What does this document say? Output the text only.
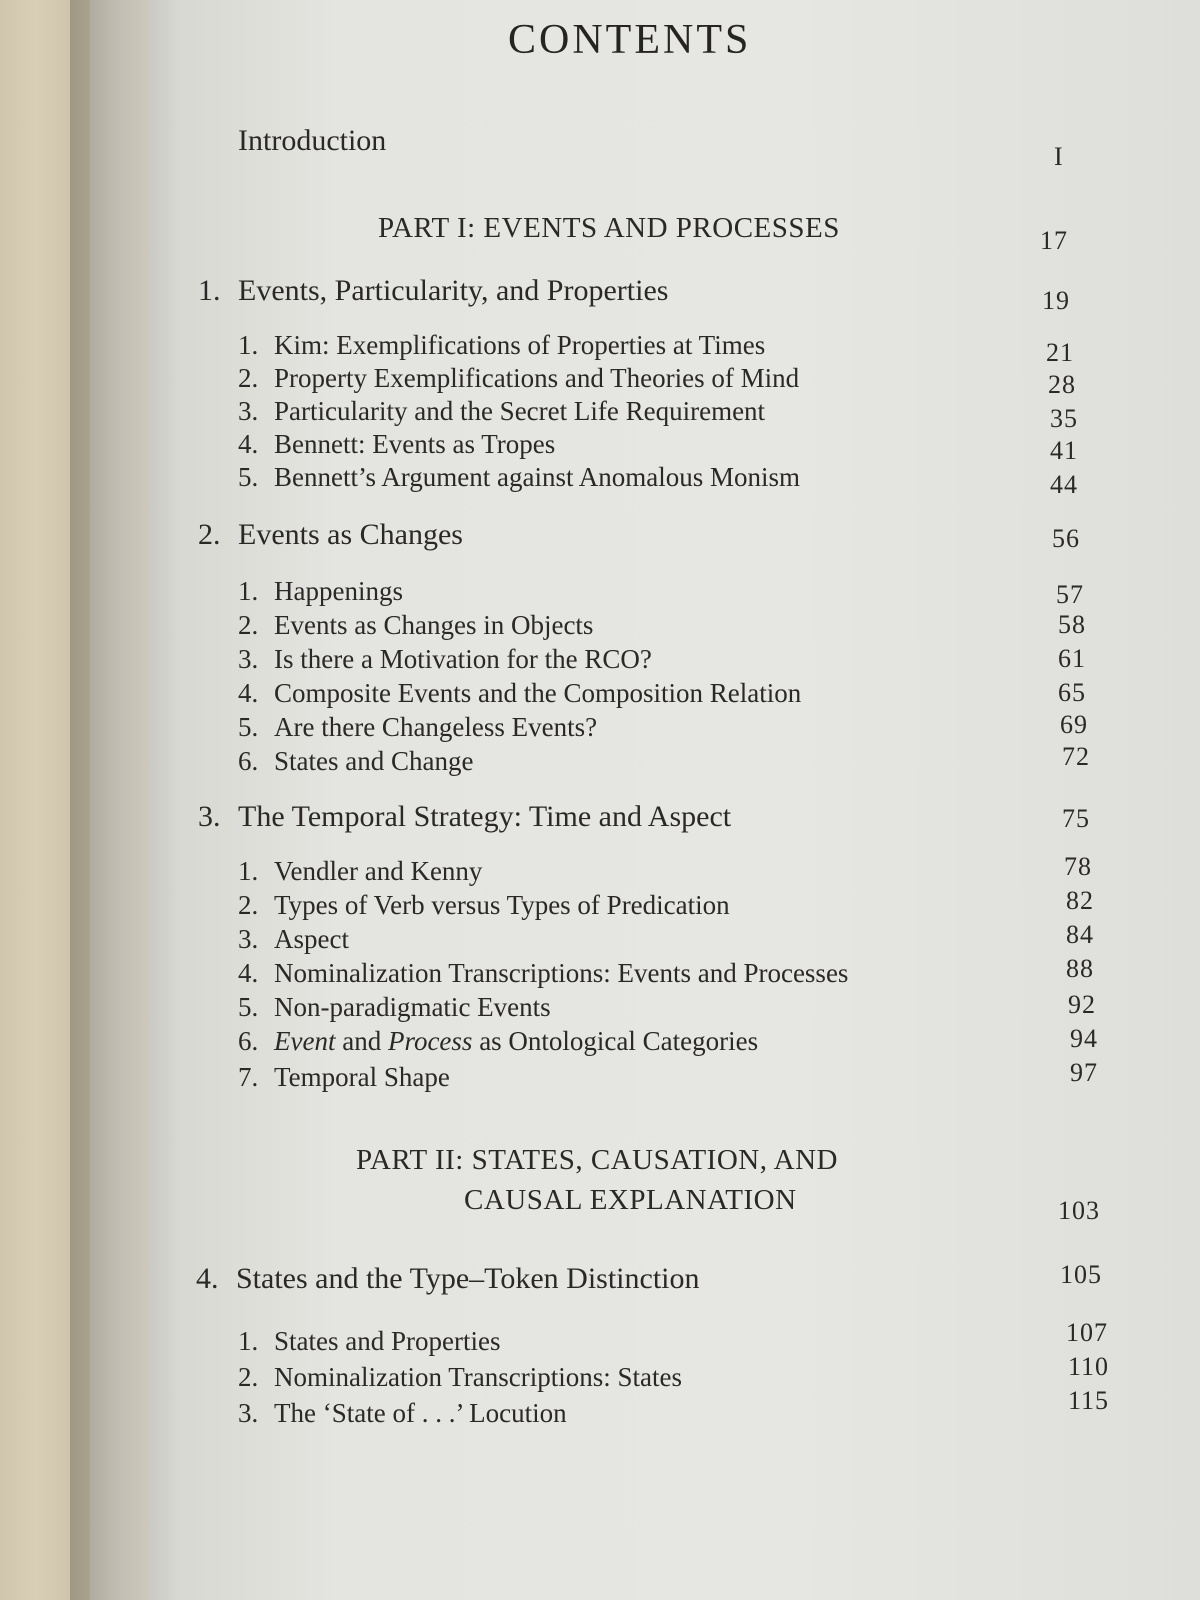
CONTENTS
Introduction	I
PART I: EVENTS AND PROCESSES	17
1. Events, Particularity, and Properties	19
1. Kim: Exemplifications of Properties at Times	21
2. Property Exemplifications and Theories of Mind	28
3. Particularity and the Secret Life Requirement	35
4. Bennett: Events as Tropes	41
5. Bennett’s Argument against Anomalous Monism	44
2. Events as Changes	56
1. Happenings	57
2. Events as Changes in Objects	58
3. Is there a Motivation for the RCO?	61
4. Composite Events and the Composition Relation	65
5. Are there Changeless Events?	69
6. States and Change	72
3. The Temporal Strategy: Time and Aspect	75
1. Vendler and Kenny	78
2. Types of Verb versus Types of Predication	82
3. Aspect	84
4. Nominalization Transcriptions: Events and Processes	88
5. Non-paradigmatic Events	92
6. Event and Process as Ontological Categories	94
7. Temporal Shape	97
PART II: STATES, CAUSATION, AND
CAUSAL EXPLANATION	103
4. States and the Type–Token Distinction	105
1. States and Properties	107
2. Nominalization Transcriptions: States	110
3. The ‘State of . . .’ Locution	115
